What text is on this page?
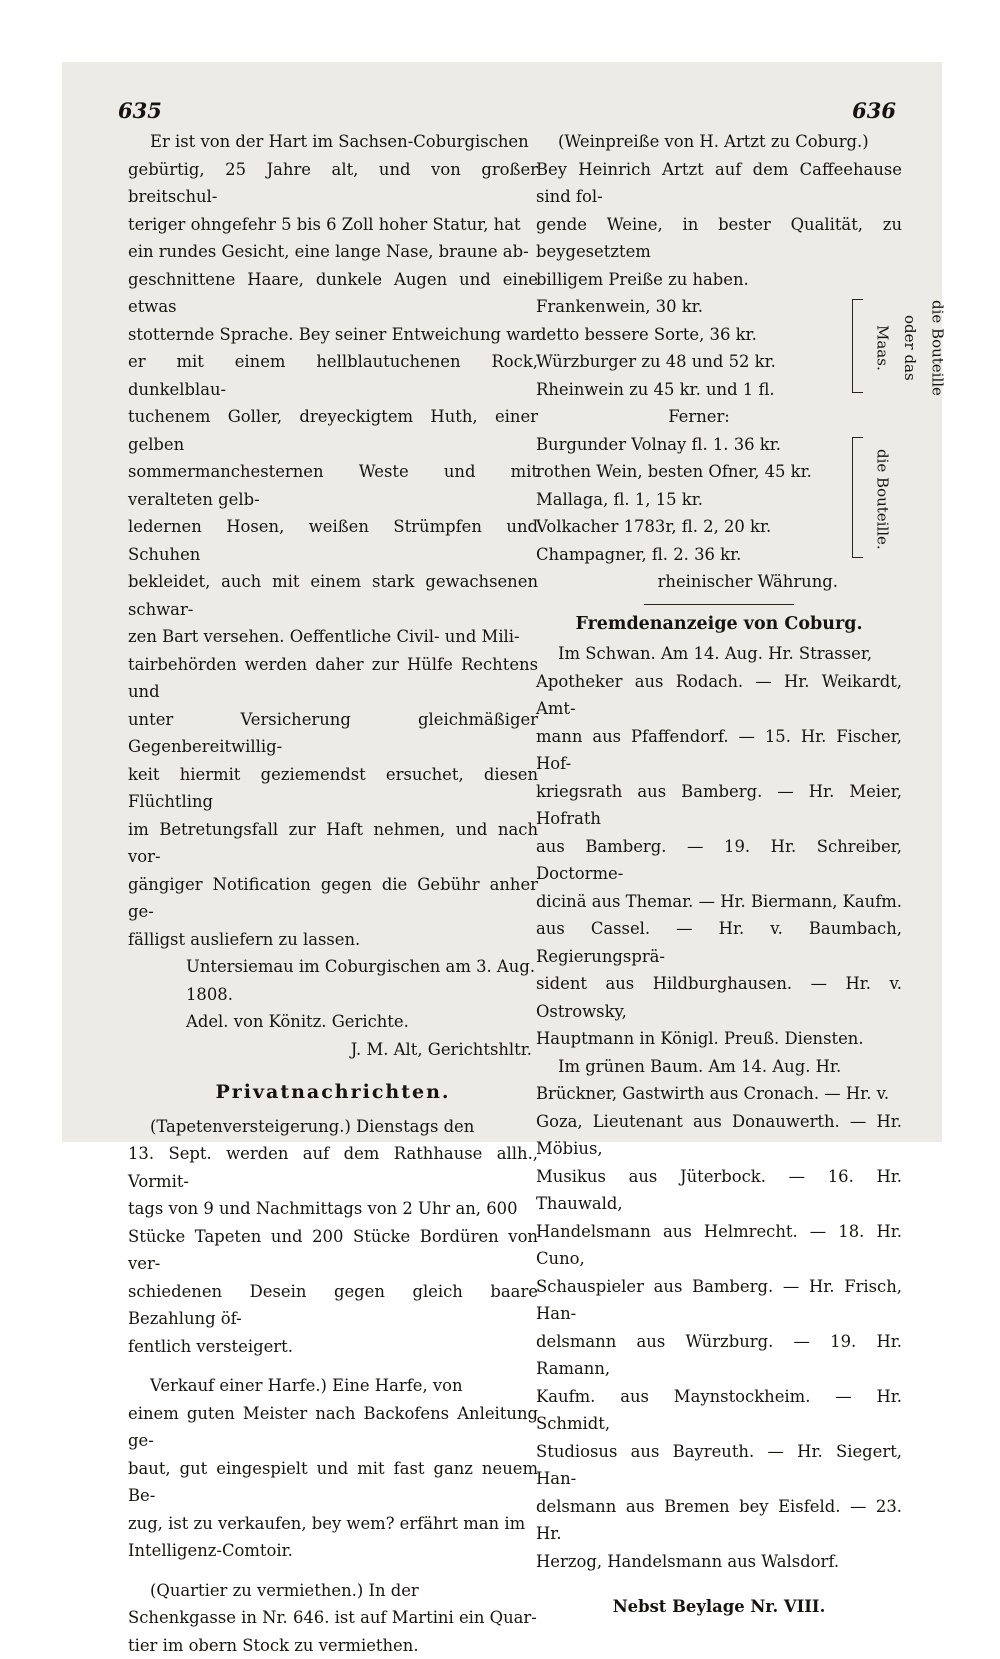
635	636

Er ist von der Hart im Sachsen-Coburgischen

gebürtig, 25 Jahre alt, und von großer breitschul-

teriger ohngefehr 5 bis 6 Zoll hoher Statur, hat

ein rundes Gesicht, eine lange Nase, braune ab-

geschnittene Haare, dunkele Augen und eine etwas

stotternde Sprache. Bey seiner Entweichung war

er mit einem hellblautuchenen Rock, dunkelblau-

tuchenem Goller, dreyeckigtem Huth, einer gelben

sommermanchesternen Weste und mit veralteten gelb-

ledernen Hosen, weißen Strümpfen und Schuhen

bekleidet, auch mit einem stark gewachsenen schwar-

zen Bart versehen. Oeffentliche Civil- und Mili-

tairbehörden werden daher zur Hülfe Rechtens und

unter Versicherung gleichmäßiger Gegenbereitwillig-

keit hiermit geziemendst ersuchet, diesen Flüchtling

im Betretungsfall zur Haft nehmen, und nach vor-

gängiger Notification gegen die Gebühr anher ge-

fälligst ausliefern zu lassen.

Untersiemau im Coburgischen am 3. Aug. 1808.

Adel. von Könitz. Gerichte.

J. M. Alt, Gerichtshltr.

Privatnachrichten.

(Tapetenversteigerung.) Dienstags den

13. Sept. werden auf dem Rathhause allh., Vormit-

tags von 9 und Nachmittags von 2 Uhr an, 600

Stücke Tapeten und 200 Stücke Bordüren von ver-

schiedenen Desein gegen gleich baare Bezahlung öf-

fentlich versteigert.

Verkauf einer Harfe.) Eine Harfe, von

einem guten Meister nach Backofens Anleitung ge-

baut, gut eingespielt und mit fast ganz neuem Be-

zug, ist zu verkaufen, bey wem? erfährt man im

Intelligenz-Comtoir.

(Quartier zu vermiethen.) In der

Schenkgasse in Nr. 646. ist auf Martini ein Quar-

tier im obern Stock zu vermiethen.

(Weinpreiße von H. Artzt zu Coburg.)

Bey Heinrich Artzt auf dem Caffeehause sind fol-

gende Weine, in bester Qualität, zu beygesetztem

billigem Preiße zu haben.

Frankenwein, 30 kr.

detto bessere Sorte, 36 kr.

Würzburger zu 48 und 52 kr.

Rheinwein zu 45 kr. und 1 fl.	die Bouteille oder das Maas.

Ferner:

Burgunder Volnay fl. 1. 36 kr.

rothen Wein, besten Ofner, 45 kr.

Mallaga, fl. 1, 15 kr.

Volkacher 1783r, fl. 2, 20 kr.

Champagner, fl. 2. 36 kr.

die Bouteille.

rheinischer Währung.

Fremdenanzeige von Coburg.

Im Schwan. Am 14. Aug. Hr. Strasser,

Apotheker aus Rodach. — Hr. Weikardt, Amt-

mann aus Pfaffendorf. — 15. Hr. Fischer, Hof-

kriegsrath aus Bamberg. — Hr. Meier, Hofrath

aus Bamberg. — 19. Hr. Schreiber, Doctorme-

dicinä aus Themar. — Hr. Biermann, Kaufm.

aus Cassel. — Hr. v. Baumbach, Regierungsprä-

sident aus Hildburghausen. — Hr. v. Ostrowsky,

Hauptmann in Königl. Preuß. Diensten.

Im grünen Baum. Am 14. Aug. Hr.

Brückner, Gastwirth aus Cronach. — Hr. v.

Goza, Lieutenant aus Donauwerth. — Hr. Möbius,

Musikus aus Jüterbock. — 16. Hr. Thauwald,

Handelsmann aus Helmrecht. — 18. Hr. Cuno,

Schauspieler aus Bamberg. — Hr. Frisch, Han-

delsmann aus Würzburg. — 19. Hr. Ramann,

Kaufm. aus Maynstockheim. — Hr. Schmidt,

Studiosus aus Bayreuth. — Hr. Siegert, Han-

delsmann aus Bremen bey Eisfeld. — 23. Hr.

Herzog, Handelsmann aus Walsdorf.

Nebst Beylage Nr. VIII.
